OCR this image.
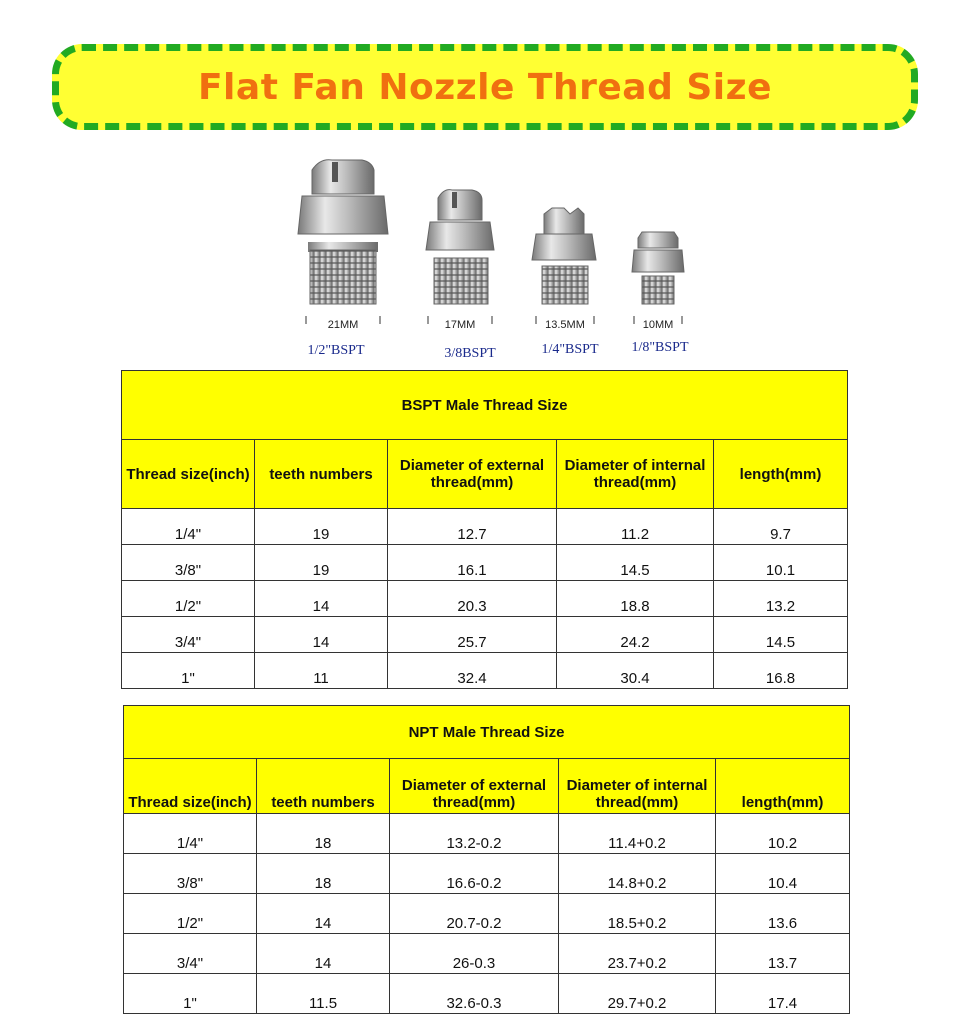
Flat Fan Nozzle Thread Size
21MM	17MM	13.5MM	10MM
1/2"BSPT	3/8BSPT	1/4"BSPT 1/8"BSPT
BSPT Male Thread Size				
Thread size(inch)	teeth numbers	Diameter of external thread(mm)	Diameter of internal thread(mm)	length(mm)
1/4"	19	12.7	11.2	9.7
3/8"	19	16.1	14.5	10.1
1/2"	14	20.3	18.8	13.2
3/4"	14	25.7	24.2	14.5
1"	11	32.4	30.4	16.8
NPT Male Thread Size				
Thread size(inch)	teeth numbers	Diameter of external thread(mm)	Diameter of internal thread(mm)	length(mm)
1/4"	18	13.2-0.2	11.4+0.2	10.2
3/8"	18	16.6-0.2	14.8+0.2	10.4
1/2"	14	20.7-0.2	18.5+0.2	13.6
3/4"	14	26-0.3	23.7+0.2	13.7
1"	11.5	32.6-0.3	29.7+0.2	17.4
